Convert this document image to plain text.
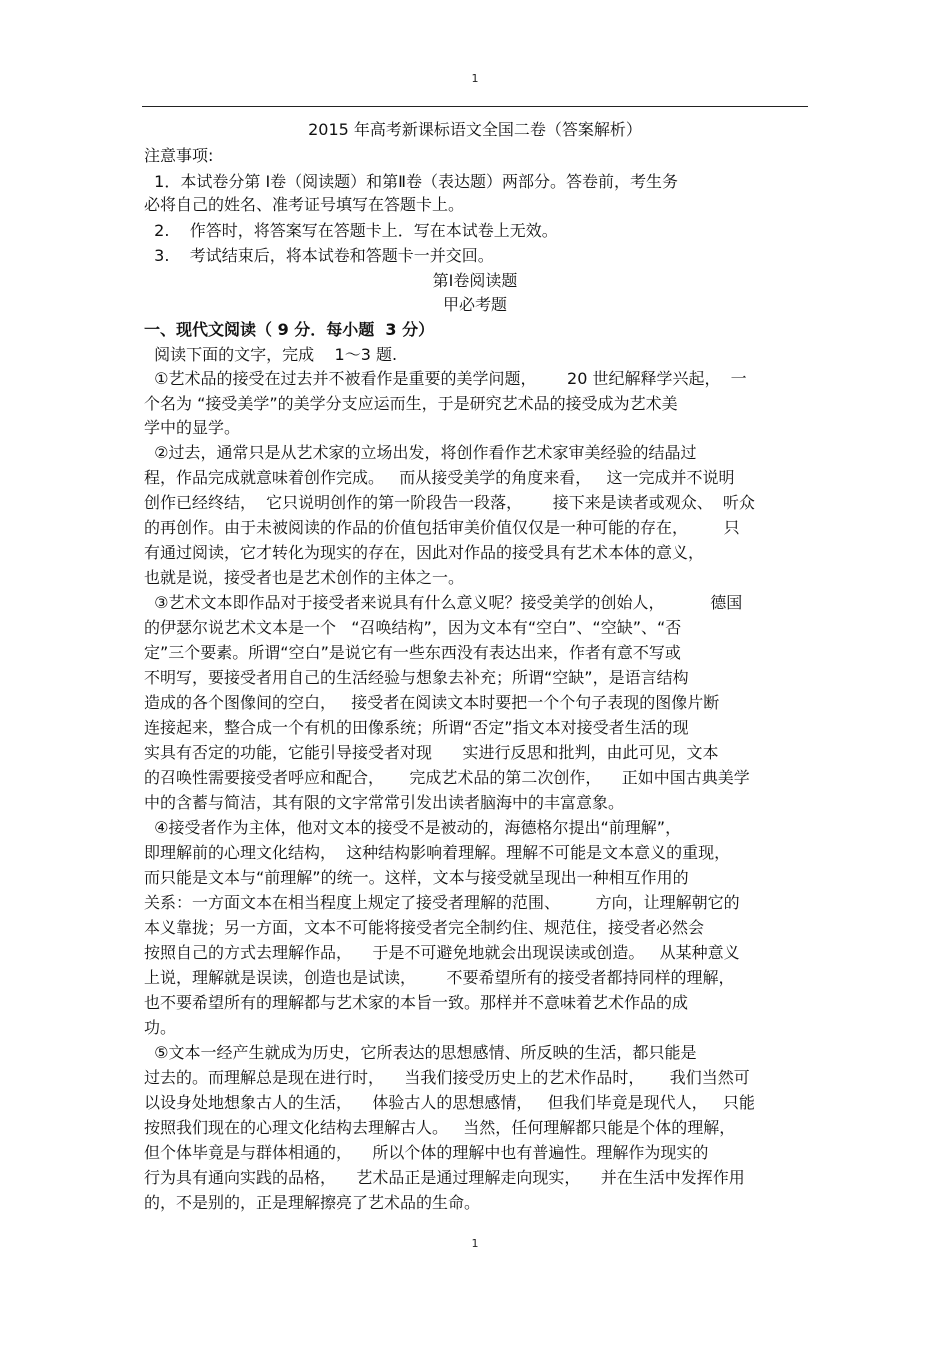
1
2015 年高考新课标语文全国二卷（答案解析）
注意事项:
1．本试卷分第 Ⅰ卷（阅读题）和第Ⅱ卷（表达题）两部分。答卷前，考生务
必将自己的姓名、准考证号填写在答题卡上。
2.    作答时，将答案写在答题卡上．写在本试卷上无效。
3.    考试结束后，将本试卷和答题卡一并交回。
第Ⅰ卷阅读题
甲必考题
一、现代文阅读（ 9 分．每小题  3 分）
阅读下面的文字，完成    1～3 题.
①艺术品的接受在过去并不被看作是重要的美学问题，      20 世纪解释学兴起，  一
个名为 “接受美学”的美学分支应运而生，于是研究艺术品的接受成为艺术美
学中的显学。
②过去，通常只是从艺术家的立场出发，将创作看作艺术家审美经验的结晶过
程，作品完成就意味着创作完成。   而从接受美学的角度来看，   这一完成并不说明
创作已经终结，  它只说明创作的第一阶段告一段落，      接下来是读者或观众、  听众
的再创作。由于未被阅读的作品的价值包括审美价值仅仅是一种可能的存在，       只
有通过阅读，它才转化为现实的存在，因此对作品的接受具有艺术本体的意义，
也就是说，接受者也是艺术创作的主体之一。
③艺术文本即作品对于接受者来说具有什么意义呢？接受美学的创始人，         德国
的伊瑟尔说艺术文本是一个   “召唤结构”，因为文本有“空白”、“空缺”、“否
定”三个要素。所谓“空白”是说它有一些东西没有表达出来，作者有意不写或
不明写，要接受者用自己的生活经验与想象去补充；所谓“空缺”，是语言结构
造成的各个图像间的空白，   接受者在阅读文本时要把一个个句子表现的图像片断
连接起来，整合成一个有机的田像系统；所谓“否定”指文本对接受者生活的现
实具有否定的功能，它能引导接受者对现      实进行反思和批判，由此可见，文本
的召唤性需要接受者呼应和配合，     完成艺术品的第二次创作，    正如中国古典美学
中的含蓄与简洁，其有限的文字常常引发出读者脑海中的丰富意象。
④接受者作为主体，他对文本的接受不是被动的，海德格尔提出“前理解”，
即理解前的心理文化结构，  这种结构影响着理解。理解不可能是文本意义的重现，
而只能是文本与“前理解”的统一。这样，文本与接受就呈现出一种相互作用的
关系：一方面文本在相当程度上规定了接受者理解的范围、       方向，让理解朝它的
本义靠拢；另一方面，文本不可能将接受者完全制约住、规范住，接受者必然会
按照自己的方式去理解作品，    于是不可避免地就会出现误读或创造。   从某种意义
上说，理解就是误读，创造也是试读，      不要希望所有的接受者都持同样的理解，
也不要希望所有的理解都与艺术家的本旨一致。那样并不意味着艺术作品的成
功。
⑤文本一经产生就成为历史，它所表达的思想感情、所反映的生活，都只能是
过去的。而理解总是现在进行时，    当我们接受历史上的艺术作品时，     我们当然可
以设身处地想象古人的生活，    体验古人的思想感情，   但我们毕竟是现代人，   只能
按照我们现在的心理文化结构去理解古人。   当然，任何理解都只能是个体的理解，
但个体毕竟是与群体相通的，    所以个体的理解中也有普遍性。理解作为现实的
行为具有通向实践的品格，    艺术品正是通过理解走向现实，    并在生活中发挥作用
的，不是别的，正是理解擦亮了艺术品的生命。
1
